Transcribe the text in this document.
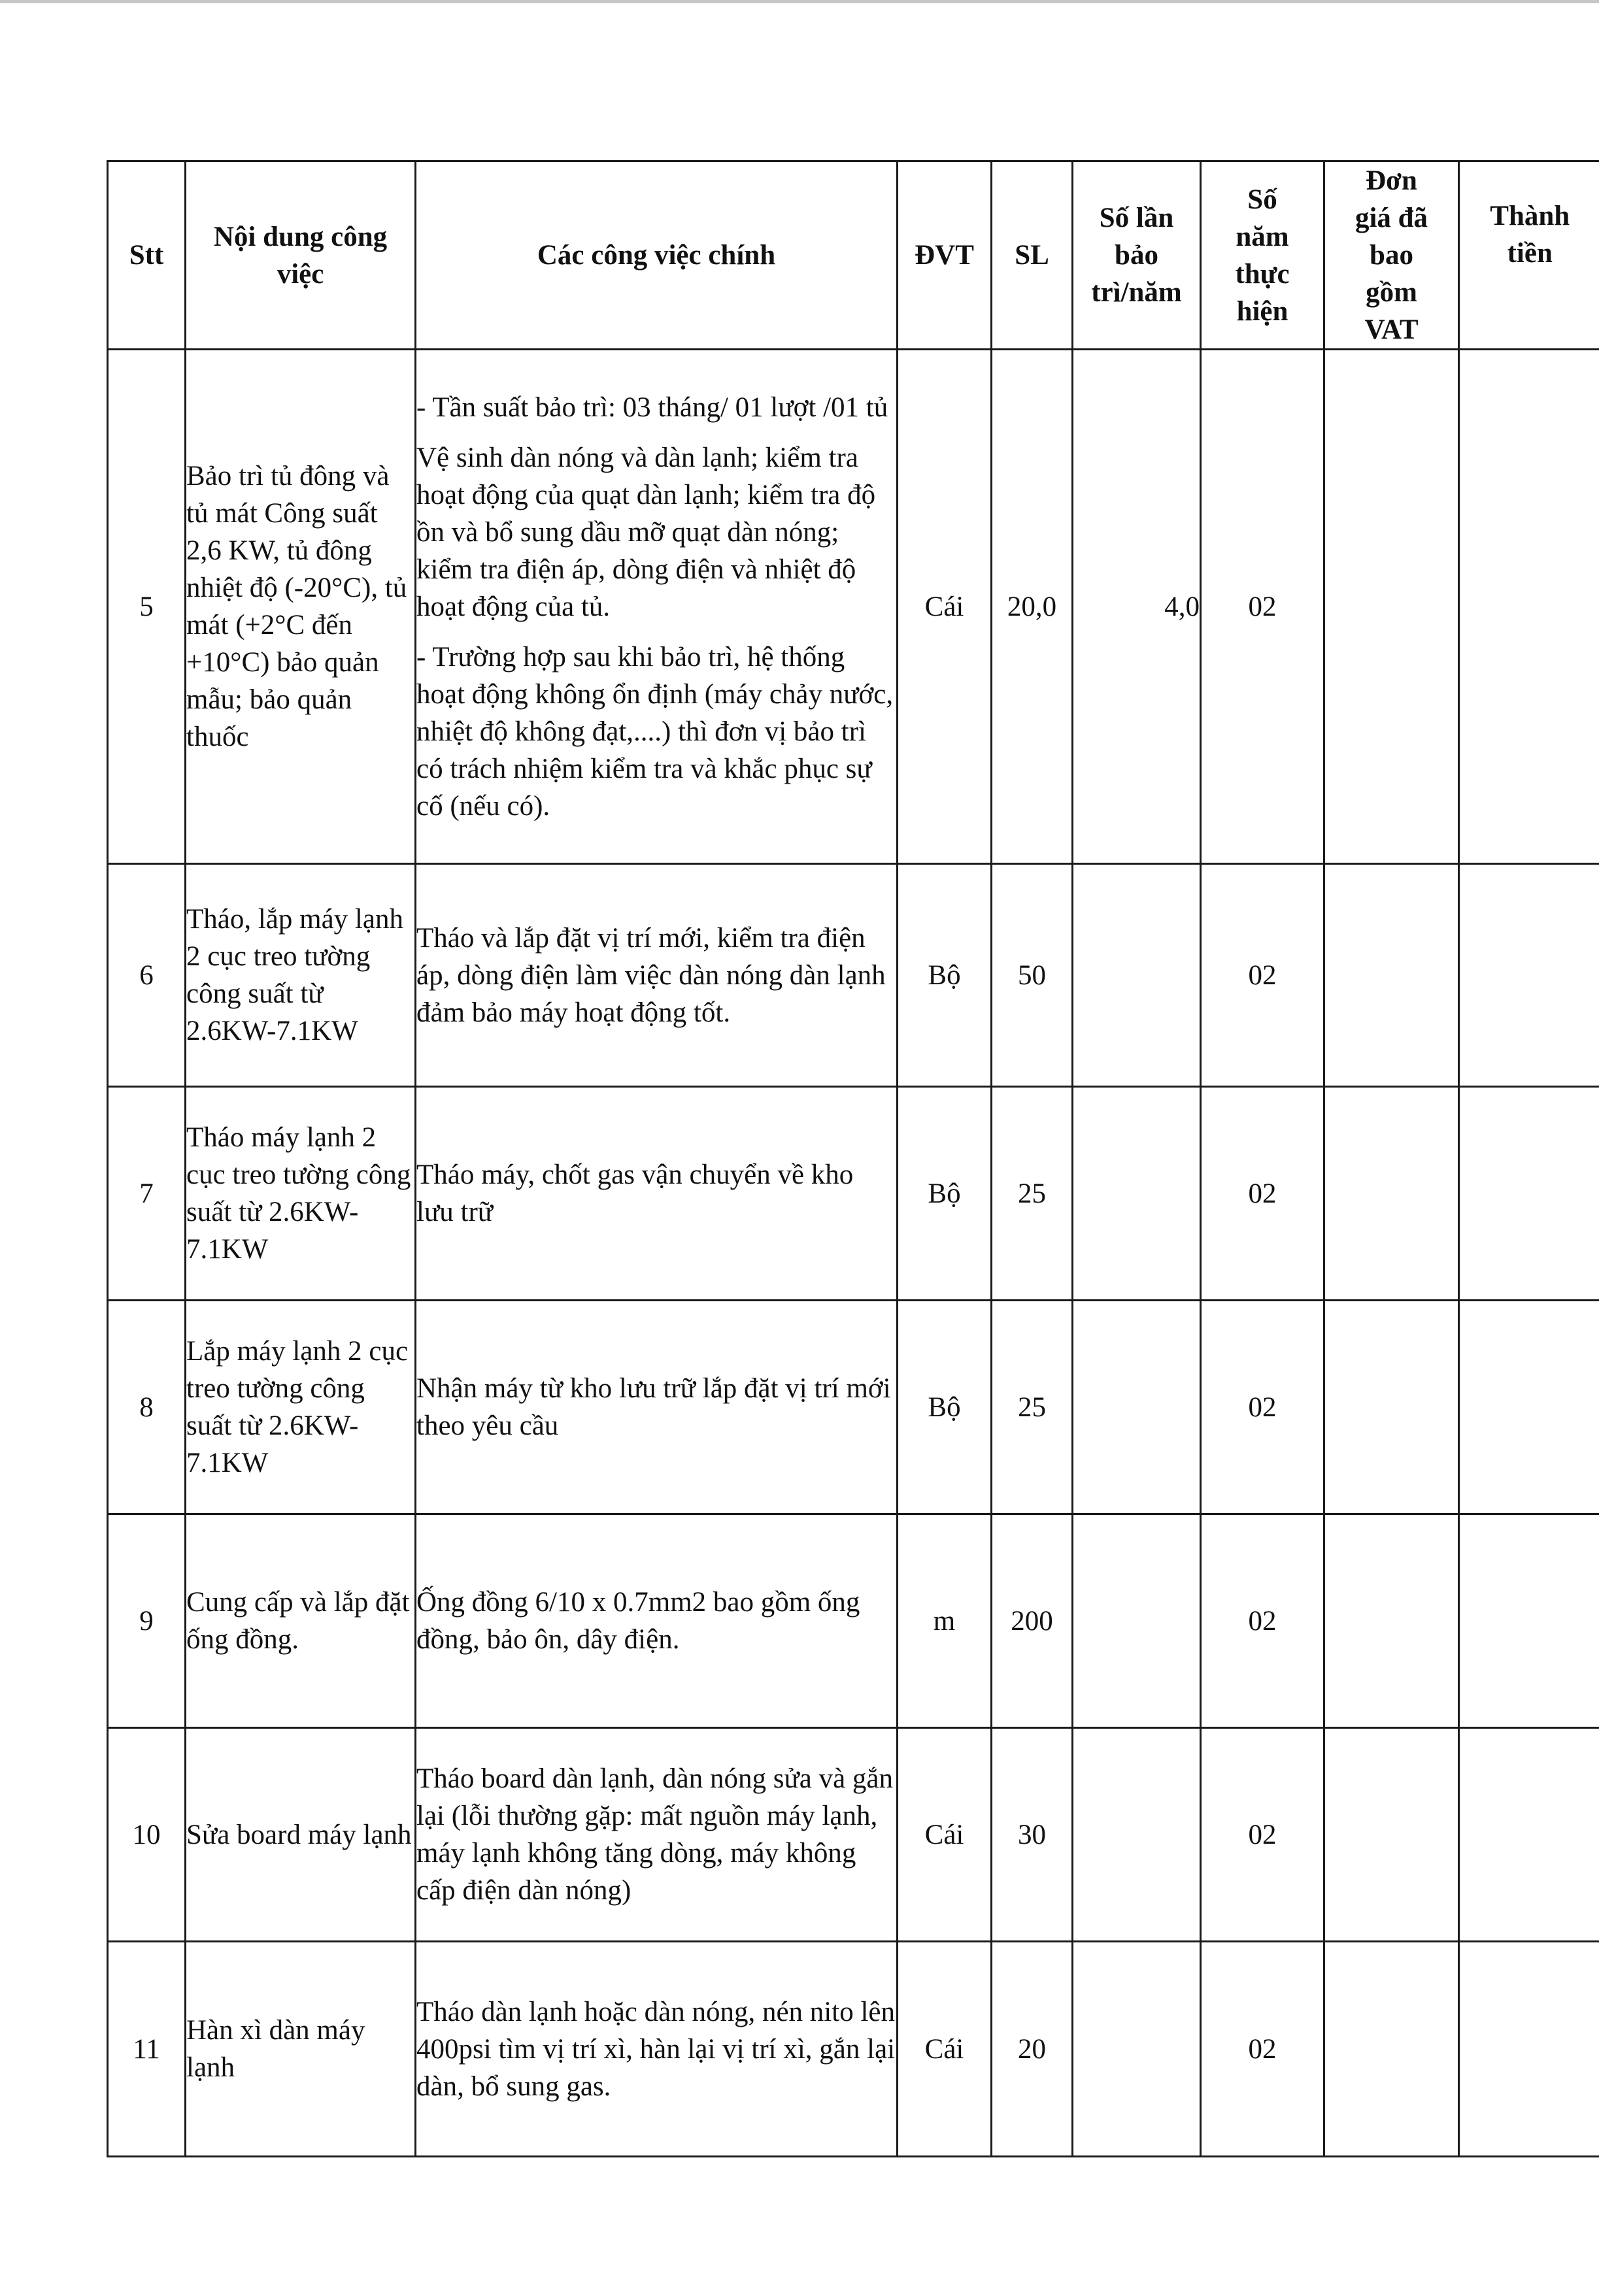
Stt	Nội dung công việc	Các công việc chính	ĐVT	SL	Số lần bảo trì/năm	Số năm thực hiện	Đơn giá đã bao gồm VAT	Thành tiền
5	Bảo trì tủ đông và tủ mát Công suất 2,6 KW, tủ đông nhiệt độ (-20°C), tủ mát (+2°C đến +10°C) bảo quản mẫu; bảo quản thuốc	- Tần suất bảo trì: 03 tháng/ 01 lượt /01 tủ

Vệ sinh dàn nóng và dàn lạnh; kiểm tra hoạt động của quạt dàn lạnh; kiểm tra độ ồn và bổ sung dầu mỡ quạt dàn nóng; kiểm tra điện áp, dòng điện và nhiệt độ hoạt động của tủ.

- Trường hợp sau khi bảo trì, hệ thống hoạt động không ổn định (máy chảy nước, nhiệt độ không đạt,....) thì đơn vị bảo trì có trách nhiệm kiểm tra và khắc phục sự cố (nếu có).	Cái	20,0	4,0	02		
6	Tháo, lắp máy lạnh 2 cục treo tường công suất từ 2.6KW-7.1KW	Tháo và lắp đặt vị trí mới, kiểm tra điện áp, dòng điện làm việc dàn nóng dàn lạnh đảm bảo máy hoạt động tốt.	Bộ	50		02		
7	Tháo máy lạnh 2 cục treo tường công suất từ 2.6KW- 7.1KW	Tháo máy, chốt gas vận chuyển về kho lưu trữ	Bộ	25		02		
8	Lắp máy lạnh 2 cục treo tường công suất từ 2.6KW- 7.1KW	Nhận máy từ kho lưu trữ lắp đặt vị trí mới theo yêu cầu	Bộ	25		02		
9	Cung cấp và lắp đặt ống đồng.	Ống đồng 6/10 x 0.7mm2 bao gồm ống đồng, bảo ôn, dây điện.	m	200		02		
10	Sửa board máy lạnh	Tháo board dàn lạnh, dàn nóng sửa và gắn lại (lỗi thường gặp: mất nguồn máy lạnh, máy lạnh không tăng dòng, máy không cấp điện dàn nóng)	Cái	30		02		
11	Hàn xì dàn máy lạnh	Tháo dàn lạnh hoặc dàn nóng, nén nito lên 400psi tìm vị trí xì, hàn lại vị trí xì, gắn lại dàn, bổ sung gas.	Cái	20		02		
